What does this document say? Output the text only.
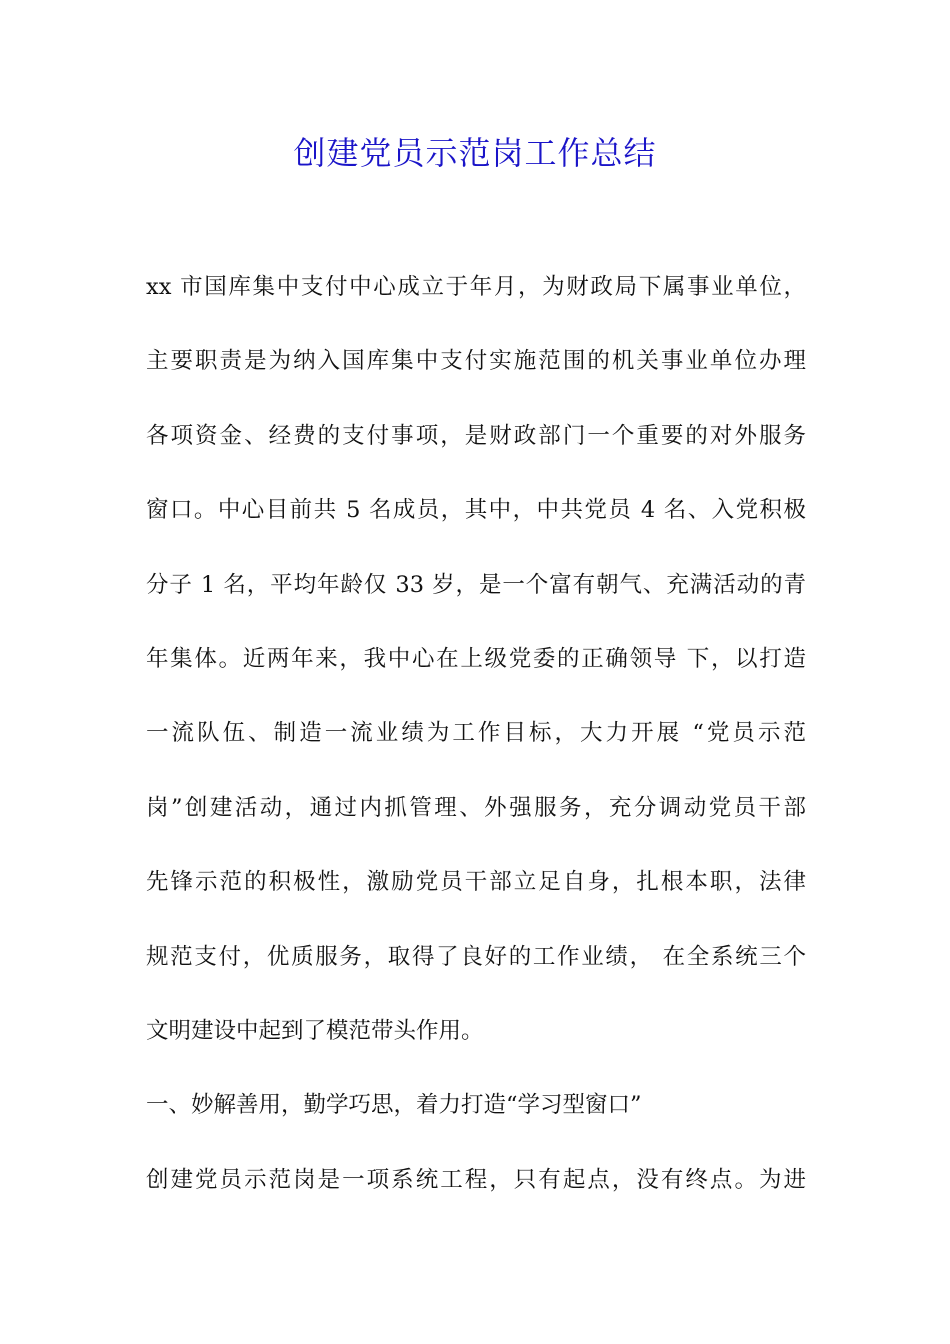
创建党员示范岗工作总结
xx 市国库集中支付中心成立于年月，为财政局下属事业单位，
主要职责是为纳入国库集中支付实施范围的机关事业单位办理
各项资金、经费的支付事项，是财政部门一个重要的对外服务
窗口。中心目前共 5 名成员，其中，中共党员 4 名、入党积极
分子 1 名，平均年龄仅 33 岁，是一个富有朝气、充满活动的青
年集体。近两年来，我中心在上级党委的正确领导 下，以打造
一流队伍、制造一流业绩为工作目标，大力开展 “党员示范
岗”创建活动，通过内抓管理、外强服务，充分调动党员干部
先锋示范的积极性，激励党员干部立足自身，扎根本职，法律
规范支付，优质服务，取得了良好的工作业绩， 在全系统三个
文明建设中起到了模范带头作用。
一、妙解善用，勤学巧思，着力打造“学习型窗口”
创建党员示范岗是一项系统工程，只有起点，没有终点。为进
